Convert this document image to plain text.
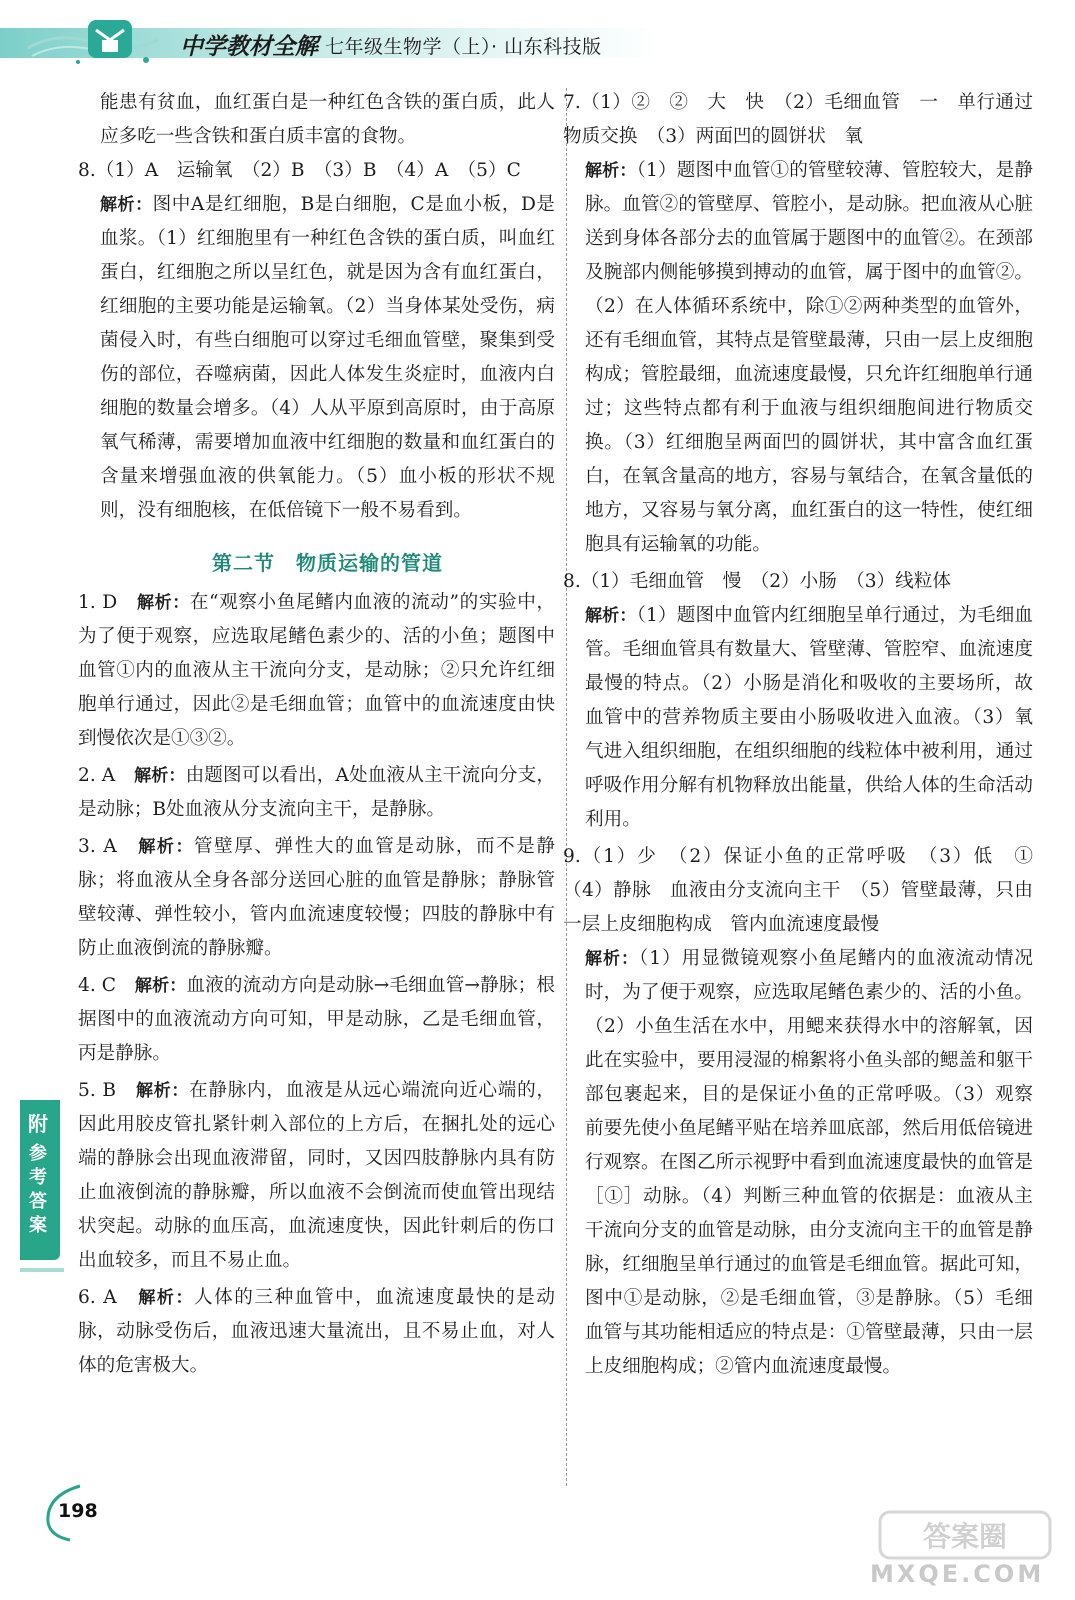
中学教材全解 七年级生物学（上）· 山东科技版

能患有贫血，血红蛋白是一种红色含铁的蛋白质，此人应多吃一些含铁和蛋白质丰富的食物。

8.（1）A　运输氧　（2）B　（3）B　（4）A　（5）C
解析：图中A是红细胞，B是白细胞，C是血小板，D是血浆。（1）红细胞里有一种红色含铁的蛋白质，叫血红蛋白，红细胞之所以呈红色，就是因为含有血红蛋白，红细胞的主要功能是运输氧。（2）当身体某处受伤，病菌侵入时，有些白细胞可以穿过毛细血管壁，聚集到受伤的部位，吞噬病菌，因此人体发生炎症时，血液内白细胞的数量会增多。（4）人从平原到高原时，由于高原氧气稀薄，需要增加血液中红细胞的数量和血红蛋白的含量来增强血液的供氧能力。（5）血小板的形状不规则，没有细胞核，在低倍镜下一般不易看到。
第二节　物质运输的管道
1. D　 解析：在“观察小鱼尾鳍内血液的流动”的实验中，为了便于观察，应选取尾鳍色素少的、活的小鱼；题图中血管①内的血液从主干流向分支，是动脉；②只允许红细胞单行通过，因此②是毛细血管；血管中的血流速度由快到慢依次是①③②。
2. A　 解析：由题图可以看出，A处血液从主干流向分支，是动脉；B处血液从分支流向主干，是静脉。
3. A　 解析：管壁厚、弹性大的血管是动脉，而不是静脉；将血液从全身各部分送回心脏的血管是静脉；静脉管壁较薄、弹性较小，管内血流速度较慢；四肢的静脉中有防止血液倒流的静脉瓣。
4. C　 解析：血液的流动方向是动脉→毛细血管→静脉；根据图中的血液流动方向可知，甲是动脉，乙是毛细血管，丙是静脉。
5. B　 解析：在静脉内，血液是从远心端流向近心端的，因此用胶皮管扎紧针刺入部位的上方后，在捆扎处的远心端的静脉会出现血液滞留，同时，又因四肢静脉内具有防止血液倒流的静脉瓣，所以血液不会倒流而使血管出现结状突起。动脉的血压高，血流速度快，因此针刺后的伤口出血较多，而且不易止血。
6. A　 解析：人体的三种血管中，血流速度最快的是动脉，动脉受伤后，血液迅速大量流出，且不易止血，对人体的危害极大。
7.（1）②　②　大　快　（2）毛细血管　一　单行通过　物质交换　（3）两面凹的圆饼状　氧
解析：（1）题图中血管①的管壁较薄、管腔较大，是静脉。血管②的管壁厚、管腔小，是动脉。把血液从心脏送到身体各部分去的血管属于题图中的血管②。在颈部及腕部内侧能够摸到搏动的血管，属于图中的血管②。（2）在人体循环系统中，除①②两种类型的血管外，还有毛细血管，其特点是管壁最薄，只由一层上皮细胞构成；管腔最细，血流速度最慢，只允许红细胞单行通过；这些特点都有利于血液与组织细胞间进行物质交换。（3）红细胞呈两面凹的圆饼状，其中富含血红蛋白，在氧含量高的地方，容易与氧结合，在氧含量低的地方，又容易与氧分离，血红蛋白的这一特性，使红细胞具有运输氧的功能。
8.（1）毛细血管　慢　（2）小肠　（3）线粒体
解析：（1）题图中血管内红细胞呈单行通过，为毛细血管。毛细血管具有数量大、管壁薄、管腔窄、血流速度最慢的特点。（2）小肠是消化和吸收的主要场所，故血管中的营养物质主要由小肠吸收进入血液。（3）氧气进入组织细胞，在组织细胞的线粒体中被利用，通过呼吸作用分解有机物释放出能量，供给人体的生命活动利用。
9.（1）少　（2）保证小鱼的正常呼吸　（3）低　①　（4）静脉　血液由分支流向主干　（5）管壁最薄，只由一层上皮细胞构成　管内血流速度最慢
解析：（1）用显微镜观察小鱼尾鳍内的血液流动情况时，为了便于观察，应选取尾鳍色素少的、活的小鱼。（2）小鱼生活在水中，用鳃来获得水中的溶解氧，因此在实验中，要用浸湿的棉絮将小鱼头部的鳃盖和躯干部包裹起来，目的是保证小鱼的正常呼吸。（3）观察前要先使小鱼尾鳍平贴在培养皿底部，然后用低倍镜进行观察。在图乙所示视野中看到血流速度最快的血管是［①］动脉。（4）判断三种血管的依据是：血液从主干流向分支的血管是动脉，由分支流向主干的血管是静脉，红细胞呈单行通过的血管是毛细血管。据此可知，图中①是动脉，②是毛细血管，③是静脉。（5）毛细血管与其功能相适应的特点是：①管壁最薄，只由一层上皮细胞构成；②管内血流速度最慢。
附
参考答案
198
答案圈
MXQE.COM
